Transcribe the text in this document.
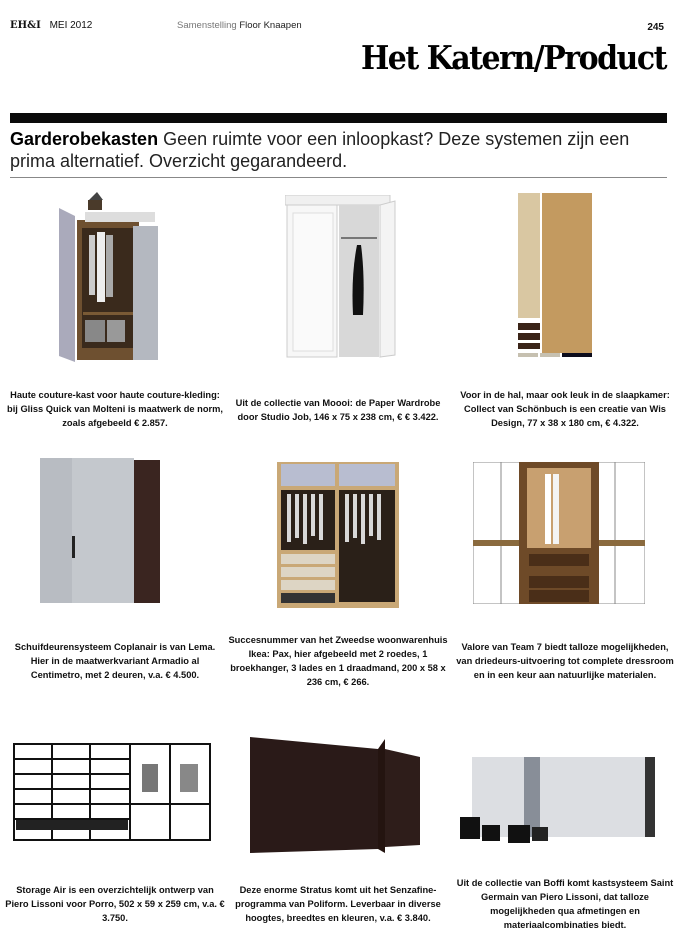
EH&I MEI 2012	Samenstelling Floor Knaapen	245
Het Katern/Product
Garderobekasten Geen ruimte voor een inloopkast? Deze systemen zijn een prima alternatief. Overzicht gegarandeerd.
Haute couture-kast voor haute couture-kleding: bij Gliss Quick van Molteni is maatwerk de norm, zoals afgebeeld € 2.857.
Uit de collectie van Moooi: de Paper Wardrobe door Studio Job, 146 x 75 x 238 cm, € € 3.422.
Voor in de hal, maar ook leuk in de slaapkamer: Collect van Schönbuch is een creatie van Wis Design, 77 x 38 x 180 cm, € 4.322.
Schuifdeurensysteem Coplanair is van Lema. Hier in de maatwerkvariant Armadio al Centimetro, met 2 deuren, v.a. € 4.500.
Succesnummer van het Zweedse woonwarenhuis Ikea: Pax, hier afgebeeld met 2 roedes, 1 broekhanger, 3 lades en 1 draadmand, 200 x 58 x 236 cm, € 266.
Valore van Team 7 biedt talloze mogelijkheden, van driedeurs-uitvoering tot complete dressroom en in een keur aan natuurlijke materialen.
Storage Air is een overzichtelijk ontwerp van Piero Lissoni voor Porro, 502 x 59 x 259 cm, v.a. € 3.750.
Deze enorme Stratus komt uit het Senzafine-programma van Poliform. Leverbaar in diverse hoogtes, breedtes en kleuren, v.a. € 3.840.
Uit de collectie van Boffi komt kastsysteem Saint Germain van Piero Lissoni, dat talloze mogelijkheden qua afmetingen en materiaalcombinaties biedt.
